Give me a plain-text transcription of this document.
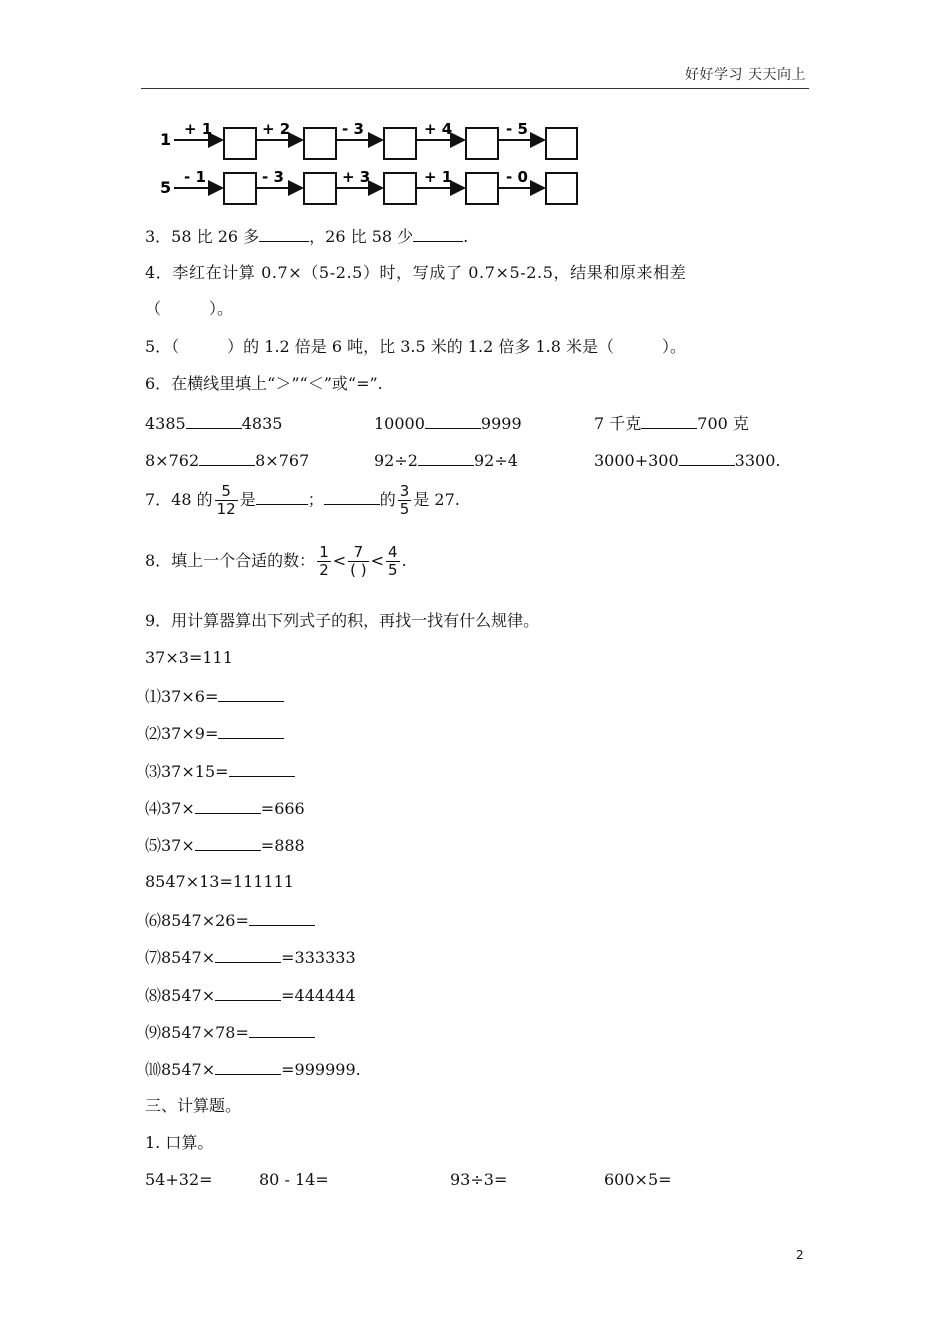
好好学习 天天向上
1
+ 1	+ 2	- 3	+ 4	- 5
5
- 1	- 3	+ 3	+ 1	- 0
3．58 比 26 多	，26 比 58 少	.
4．李红在计算 0.7×（5-2.5）时，写成了 0.7×5-2.5，结果和原来相差
（　　　）。
5．（　　　）的 1.2 倍是 6 吨，比 3.5 米的 1.2 倍多 1.8 米是（　　　）。
6．在横线里填上“＞”“＜”或“=”.
4385	4835	10000	9999	7 千克	700 克
8×762	8×767	92÷2	92÷4	3000+300	3300.
7．48 的 $\frac{5}{12}$ 是	；	的 $\frac{3}{5}$ 是 27.
8．填上一个合适的数： $\frac{1}{2} < \frac{7}{( )} < \frac{4}{5}$ .
9．用计算器算出下列式子的积，再找一找有什么规律。
37×3=111
⑴37×6=
⑵37×9=
⑶37×15=
⑷37×	=666
⑸37×	=888
8547×13=111111
⑹8547×26=
⑺8547×	=333333
⑻8547×	=444444
⑼8547×78=
⑽8547×	=999999.
三、计算题。
1. 口算。
54+32=	80 - 14=	93÷3=	600×5=
2
